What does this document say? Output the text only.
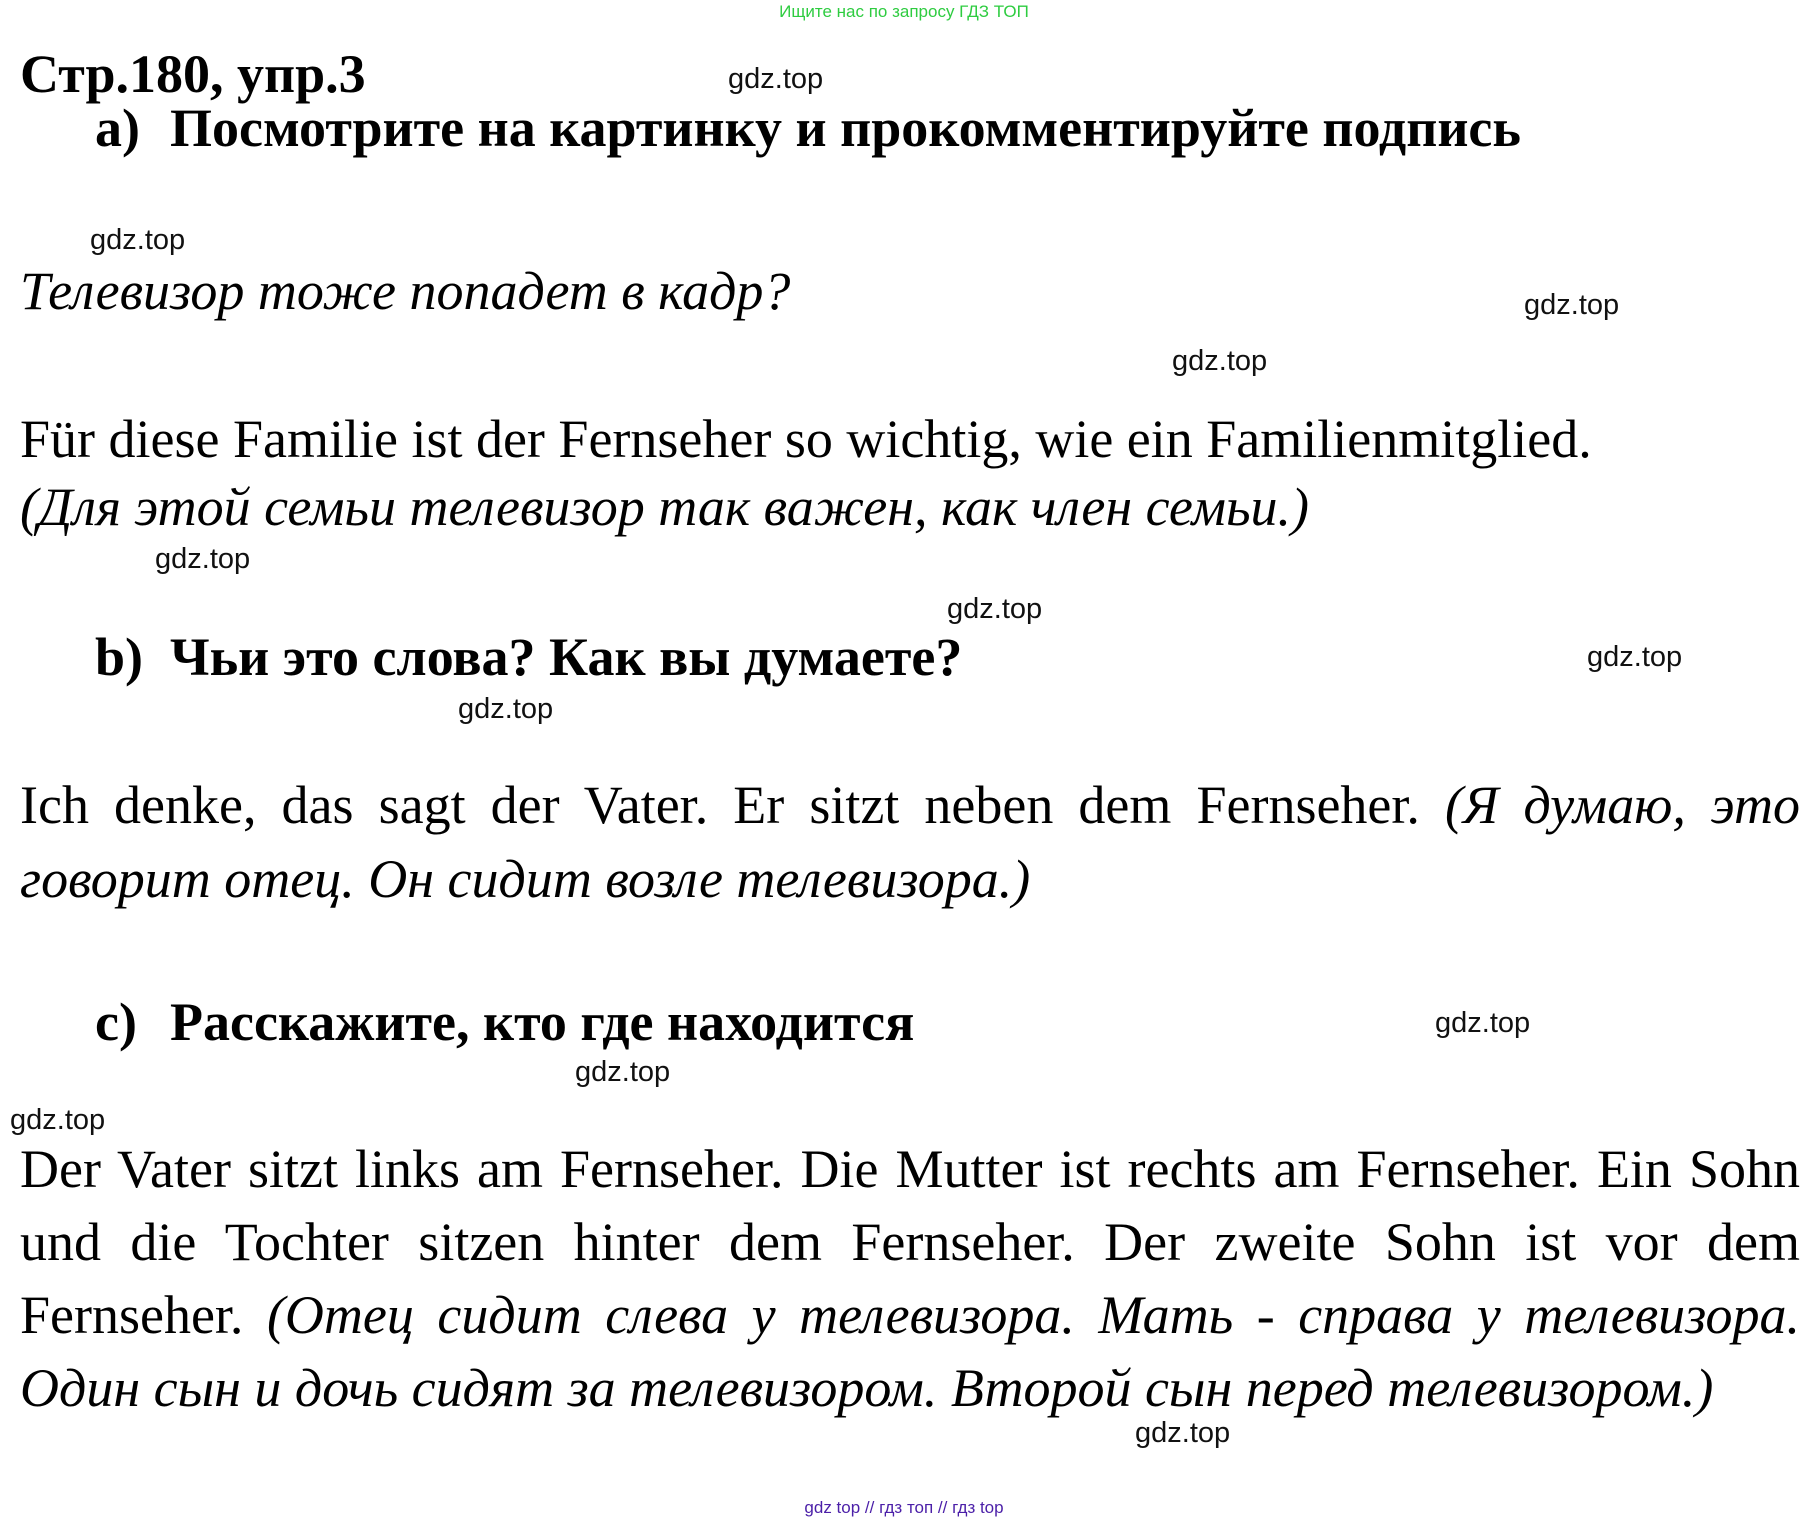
Ищите нас по запросу ГДЗ ТОП
Стр.180, упр.3
a) Посмотрите на картинку и прокомментируйте подпись
Телевизор тоже попадет в кадр?
Für diese Familie ist der Fernseher so wichtig, wie ein Familienmitglied.
(Для этой семьи телевизор так важен, как член семьи.)
b) Чьи это слова? Как вы думаете?
Ich denke, das sagt der Vater. Er sitzt neben dem Fernseher. (Я думаю, это говорит отец. Он сидит возле телевизора.)
c) Расскажите, кто где находится
Der Vater sitzt links am Fernseher. Die Mutter ist rechts am Fernseher. Ein Sohn und die Tochter sitzen hinter dem Fernseher. Der zweite Sohn ist vor dem Fernseher. (Отец сидит слева у телевизора. Мать - справа у телевизора. Один сын и дочь сидят за телевизором. Второй сын перед телевизором.)
gdz.top
gdz.top
gdz.top
gdz.top
gdz.top
gdz.top
gdz.top
gdz.top
gdz.top
gdz.top
gdz.top
gdz.top
gdz top // гдз топ // гдз top
